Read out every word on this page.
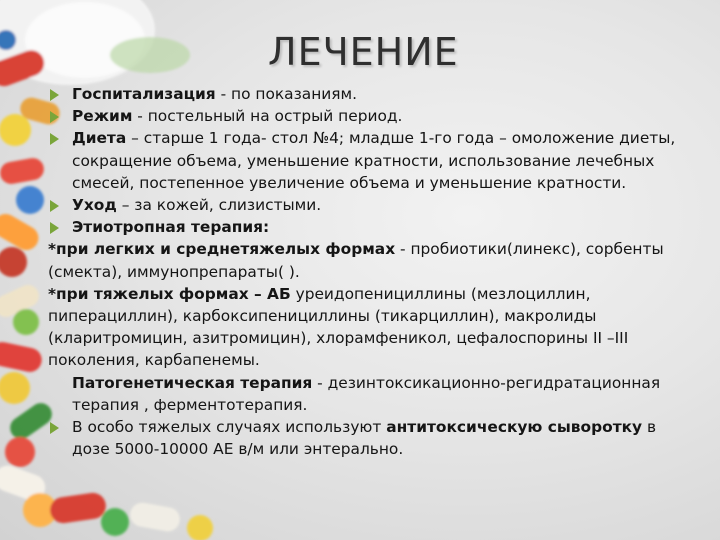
ЛЕЧЕНИЕ

Госпитализация - по показаниям.

Режим - постельный на острый период.

Диета – старше 1 года- стол №4; младше 1-го года – омоложение диеты, сокращение объема, уменьшение кратности, использование лечебных смесей, постепенное увеличение объема и уменьшение кратности.

Уход – за кожей, слизистыми.

Этиотропная терапия:

*при легких и среднетяжелых формах - пробиотики(линекс), сорбенты (смекта), иммунопрепараты( ).

*при тяжелых формах – АБ уреидопенициллины (мезлоциллин, пиперациллин), карбоксипенициллины (тикарциллин), макролиды (кларитромицин, азитромицин), хлорамфеникол, цефалоспорины II –III поколения, карбапенемы.

Патогенетическая терапия - дезинтоксикационно-регидратационная терапия , ферментотерапия.

В особо тяжелых случаях используют антитоксическую сыворотку в дозе 5000-10000 АЕ в/м или энтерально.
